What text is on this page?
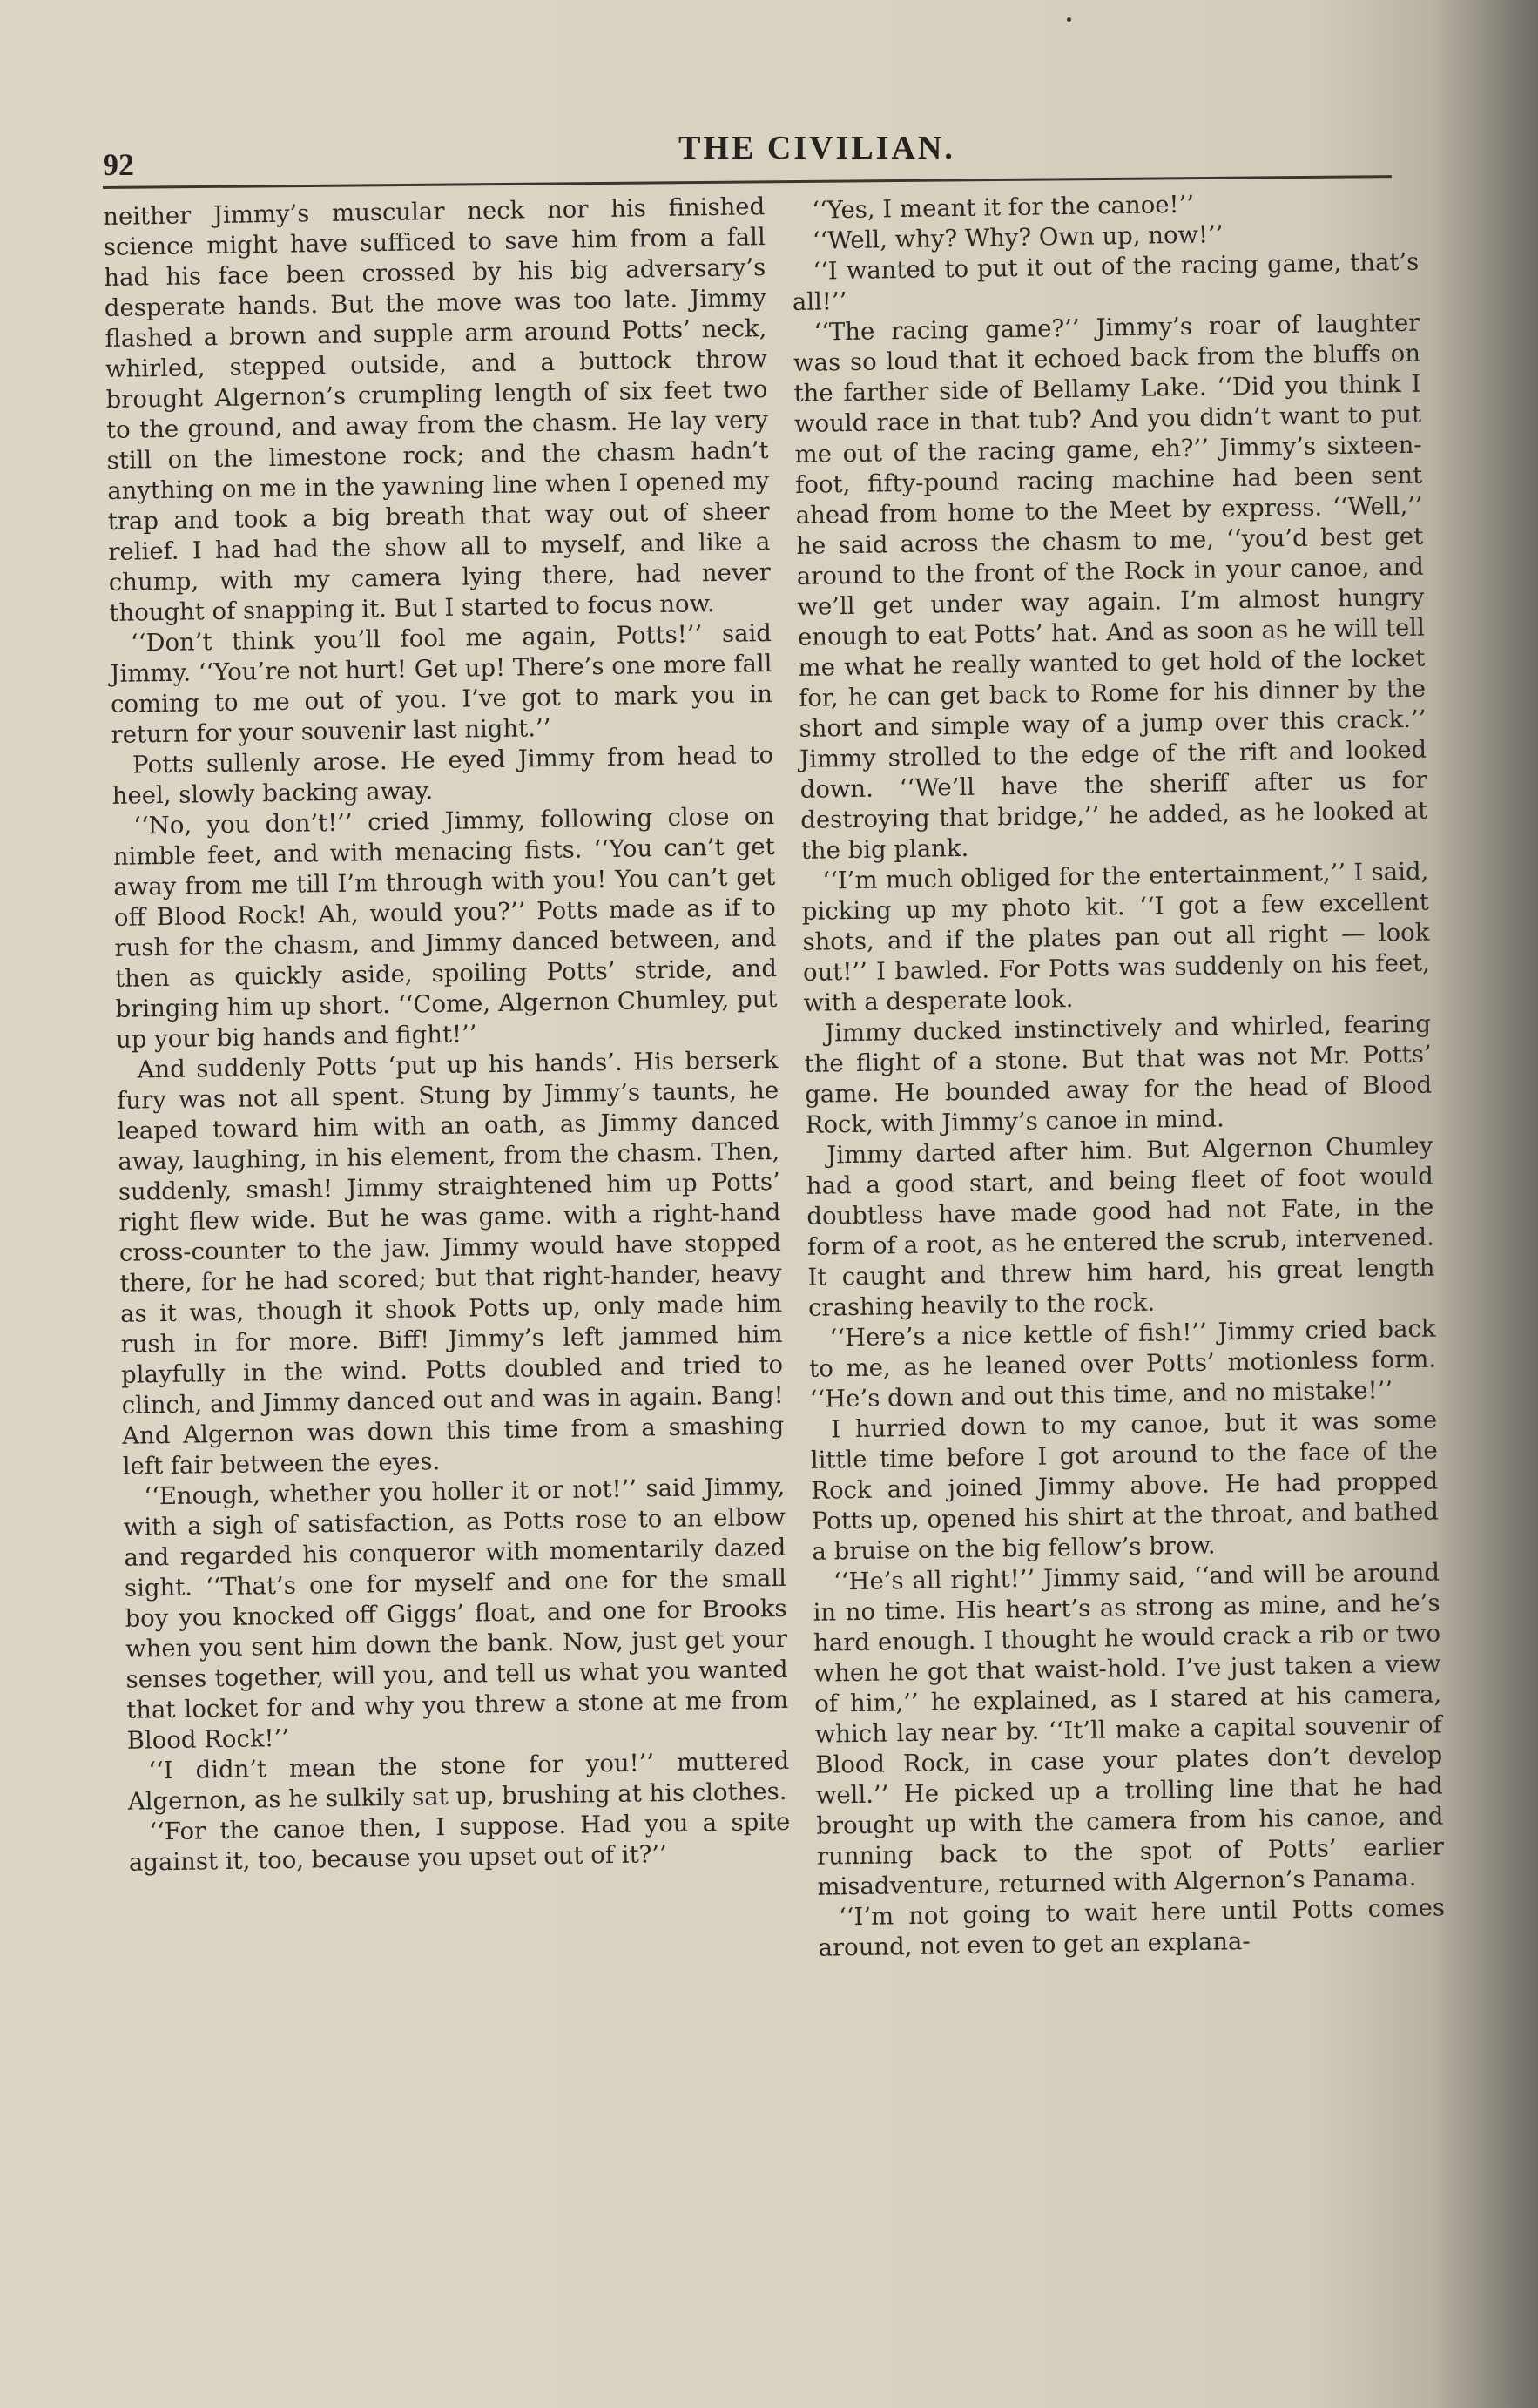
92	THE CIVILIAN.

neither Jimmy’s muscular neck nor his finished science might have sufficed to save him from a fall had his face been crossed by his big adversary’s desperate hands. But the move was too late. Jimmy flashed a brown and supple arm around Potts’ neck, whirled, stepped outside, and a buttock throw brought Algernon’s crumpling length of six feet two to the ground, and away from the chasm. He lay very still on the limestone rock; and the chasm hadn’t anything on me in the yawning line when I opened my trap and took a big breath that way out of sheer relief. I had had the show all to myself, and like a chump, with my camera lying there, had never thought of snapping it. But I started to focus now.

‘‘Don’t think you’ll fool me again, Potts!’’ said Jimmy. ‘‘You’re not hurt! Get up! There’s one more fall coming to me out of you. I’ve got to mark you in return for your souvenir last night.’’

Potts sullenly arose. He eyed Jimmy from head to heel, slowly backing away.

‘‘No, you don’t!’’ cried Jimmy, following close on nimble feet, and with menacing fists. ‘‘You can’t get away from me till I’m through with you! You can’t get off Blood Rock! Ah, would you?’’ Potts made as if to rush for the chasm, and Jimmy danced between, and then as quickly aside, spoiling Potts’ stride, and bringing him up short. ‘‘Come, Algernon Chumley, put up your big hands and fight!’’

And suddenly Potts ‘put up his hands’. His berserk fury was not all spent. Stung by Jimmy’s taunts, he leaped toward him with an oath, as Jimmy danced away, laughing, in his element, from the chasm. Then, suddenly, smash! Jimmy straightened him up Potts’ right flew wide. But he was game. with a right-hand cross-counter to the jaw. Jimmy would have stopped there, for he had scored; but that right-hander, heavy as it was, though it shook Potts up, only made him rush in for more. Biff! Jimmy’s left jammed him playfully in the wind. Potts doubled and tried to clinch, and Jimmy danced out and was in again. Bang! And Algernon was down this time from a smashing left fair between the eyes.

‘‘Enough, whether you holler it or not!’’ said Jimmy, with a sigh of satisfaction, as Potts rose to an elbow and regarded his conqueror with momentarily dazed sight. ‘‘That’s one for myself and one for the small boy you knocked off Giggs’ float, and one for Brooks when you sent him down the bank. Now, just get your senses together, will you, and tell us what you wanted that locket for and why you threw a stone at me from Blood Rock!’’

‘‘I didn’t mean the stone for you!’’ muttered Algernon, as he sulkily sat up, brushing at his clothes.

‘‘For the canoe then, I suppose. Had you a spite against it, too, because you upset out of it?’’

‘‘Yes, I meant it for the canoe!’’

‘‘Well, why? Why? Own up, now!’’

‘‘I wanted to put it out of the racing game, that’s all!’’

‘‘The racing game?’’ Jimmy’s roar of laughter was so loud that it echoed back from the bluffs on the farther side of Bellamy Lake. ‘‘Did you think I would race in that tub? And you didn’t want to put me out of the racing game, eh?’’ Jimmy’s sixteen-foot, fifty-pound racing machine had been sent ahead from home to the Meet by express. ‘‘Well,’’ he said across the chasm to me, ‘‘you’d best get around to the front of the Rock in your canoe, and we’ll get under way again. I’m almost hungry enough to eat Potts’ hat. And as soon as he will tell me what he really wanted to get hold of the locket for, he can get back to Rome for his dinner by the short and simple way of a jump over this crack.’’ Jimmy strolled to the edge of the rift and looked down. ‘‘We’ll have the sheriff after us for destroying that bridge,’’ he added, as he looked at the big plank.

‘‘I’m much obliged for the entertainment,’’ I said, picking up my photo kit. ‘‘I got a few excellent shots, and if the plates pan out all right — look out!’’ I bawled. For Potts was suddenly on his feet, with a desperate look.

Jimmy ducked instinctively and whirled, fearing the flight of a stone. But that was not Mr. Potts’ game. He bounded away for the head of Blood Rock, with Jimmy’s canoe in mind.

Jimmy darted after him. But Algernon Chumley had a good start, and being fleet of foot would doubtless have made good had not Fate, in the form of a root, as he entered the scrub, intervened. It caught and threw him hard, his great length crashing heavily to the rock.

‘‘Here’s a nice kettle of fish!’’ Jimmy cried back to me, as he leaned over Potts’ motionless form. ‘‘He’s down and out this time, and no mistake!’’

I hurried down to my canoe, but it was some little time before I got around to the face of the Rock and joined Jimmy above. He had propped Potts up, opened his shirt at the throat, and bathed a bruise on the big fellow’s brow.

‘‘He’s all right!’’ Jimmy said, ‘‘and will be around in no time. His heart’s as strong as mine, and he’s hard enough. I thought he would crack a rib or two when he got that waist-hold. I’ve just taken a view of him,’’ he explained, as I stared at his camera, which lay near by. ‘‘It’ll make a capital souvenir of Blood Rock, in case your plates don’t develop well.’’ He picked up a trolling line that he had brought up with the camera from his canoe, and running back to the spot of Potts’ earlier misadventure, returned with Algernon’s Panama.

‘‘I’m not going to wait here until Potts comes around, not even to get an explana-
